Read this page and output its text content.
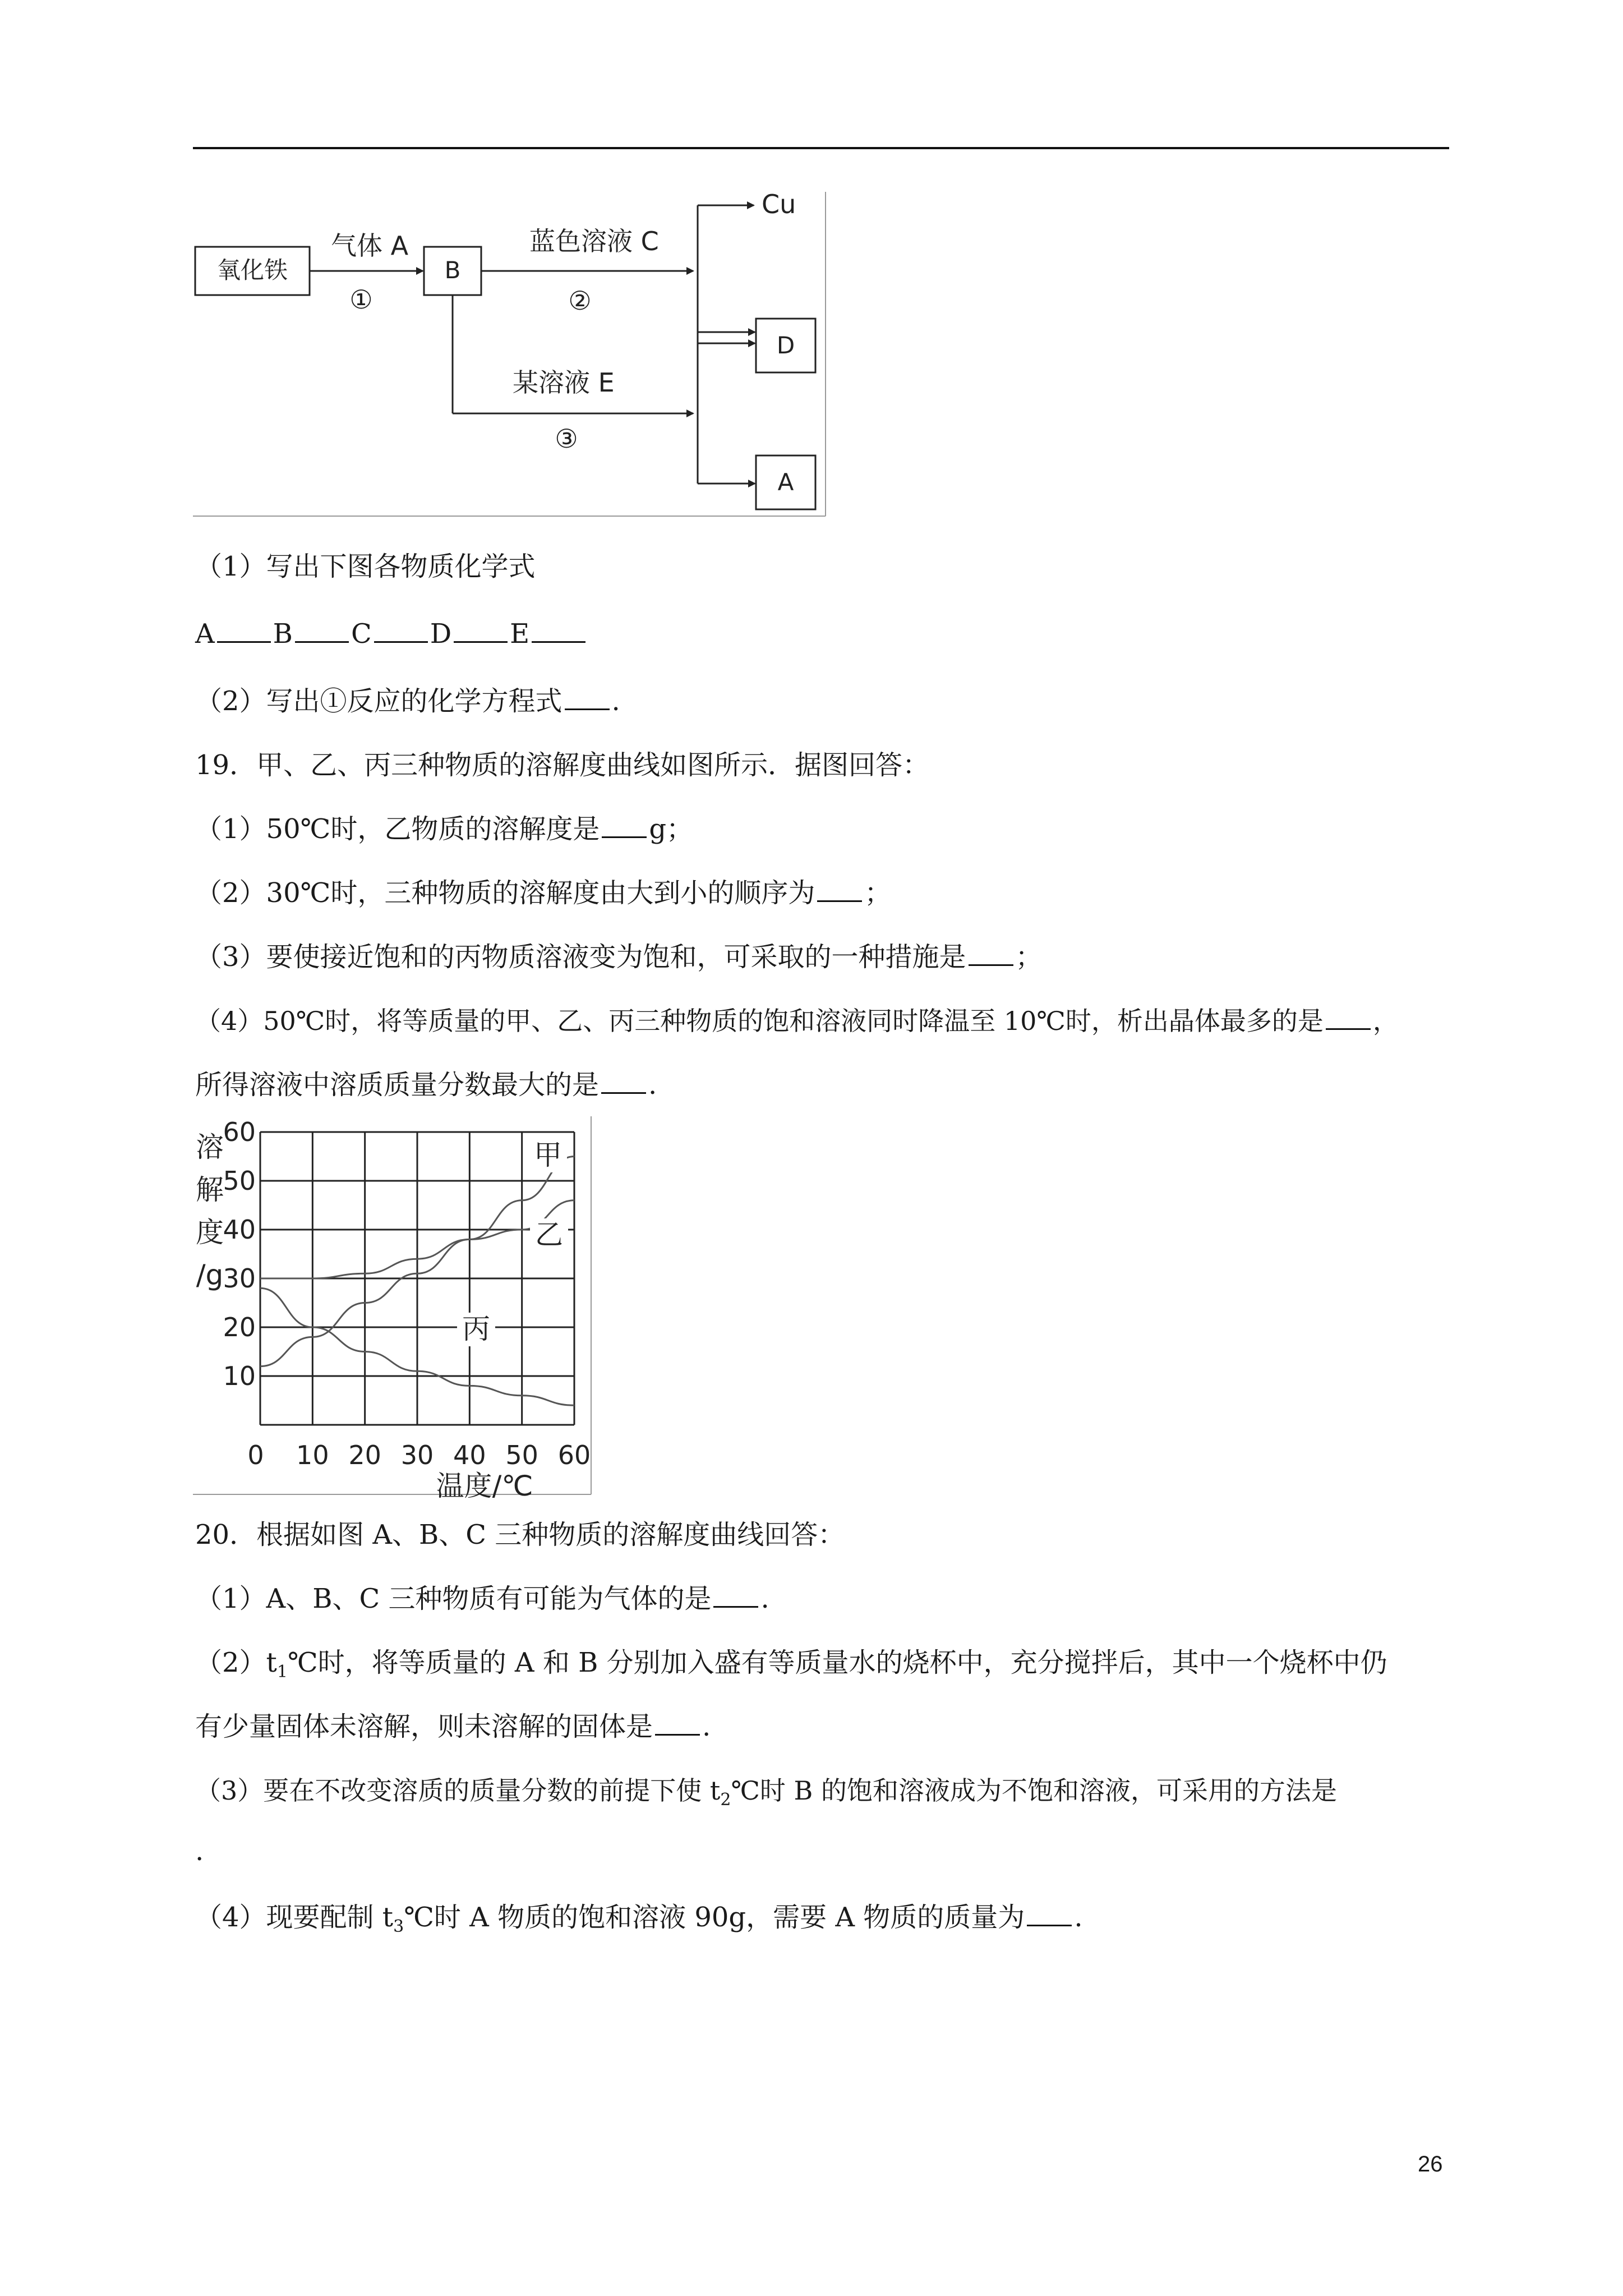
氧化铁	B
D
A
Cu
气体 A
①
蓝色溶液 C
②
某溶液 E
③
（1）写出下图各物质化学式
A B C D E
（2）写出①反应的化学方程式 .
19．甲、乙、丙三种物质的溶解度曲线如图所示．据图回答：
（1）50℃时，乙物质的溶解度是 g；
（2）30℃时，三种物质的溶解度由大到小的顺序为 ；
（3）要使接近饱和的丙物质溶液变为饱和，可采取的一种措施是 ；
（4）50℃时，将等质量的甲、乙、丙三种物质的饱和溶液同时降温至 10℃时，析出晶体最多的是 ，
所得溶液中溶质质量分数最大的是 .
0 10 20 30 40 50 60
10
20
30
40
50
60
溶
解
度
/g
温度/℃
甲
乙
丙
20．根据如图 A、B、C 三种物质的溶解度曲线回答：
（1）A、B、C 三种物质有可能为气体的是 .
$(2)t_1℃$时，将等质量的 A 和 B 分别加入盛有等质量水的烧杯中，充分搅拌后，其中一个烧杯中仍
有少量固体未溶解，则未溶解的固体是 .
（3）要在不改变溶质的质量分数的前提下使 $t_2℃$时 B 的饱和溶液成为不饱和溶液，可采用的方法是
.
（4）现要配制 $t_3℃$时 A 物质的饱和溶液 90g，需要 A 物质的质量为 .
26
